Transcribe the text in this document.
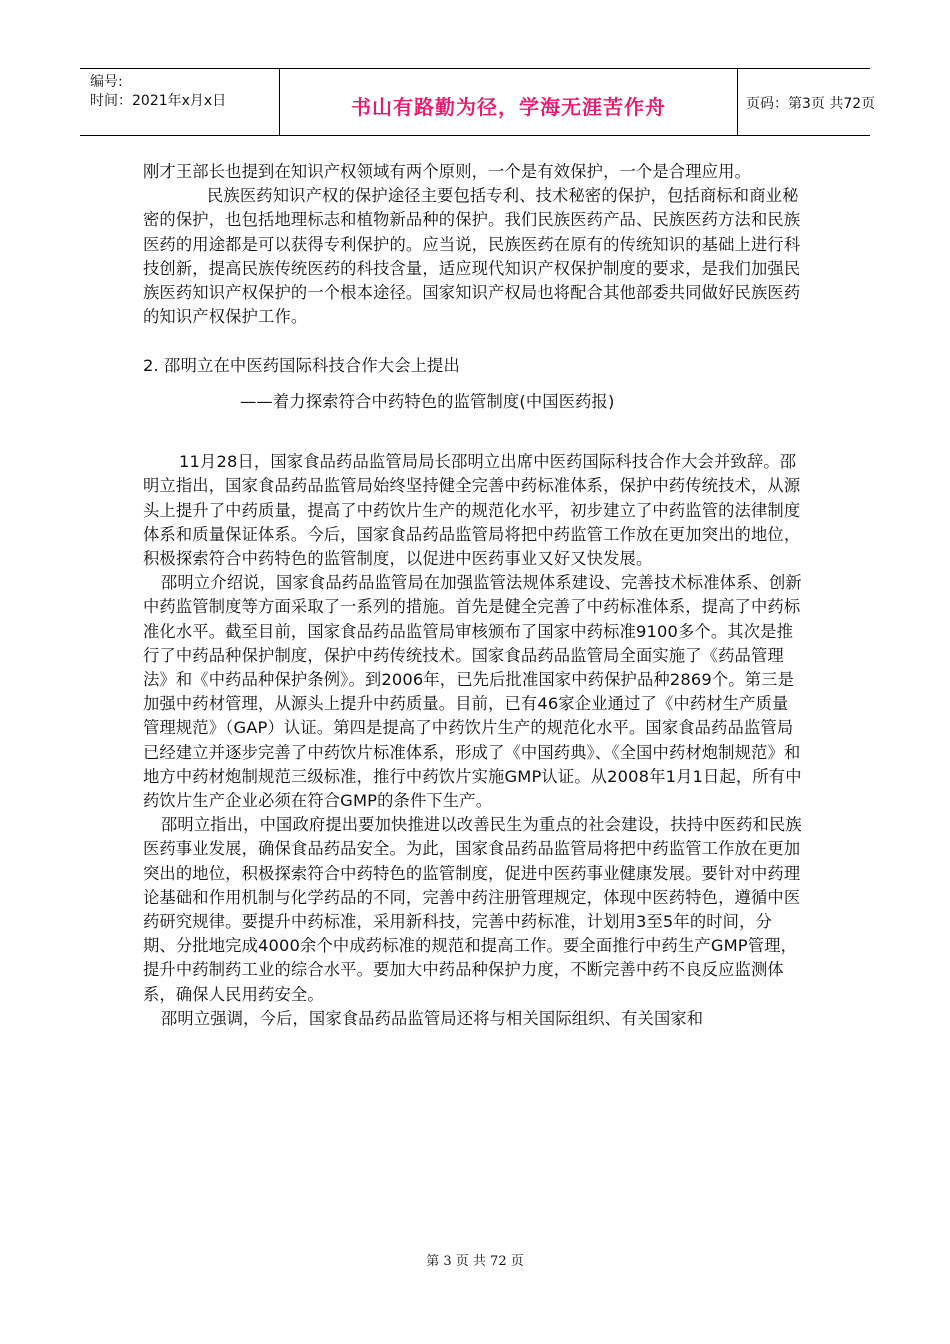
编号:
时间：2021年x月x日	书山有路勤为径，学海无涯苦作舟	页码：第3页 共72页

刚才王部长也提到在知识产权领域有两个原则，一个是有效保护，一个是合理应用。

民族医药知识产权的保护途径主要包括专利、技术秘密的保护，包括商标和商业秘密的保护，也包括地理标志和植物新品种的保护。我们民族医药产品、民族医药方法和民族医药的用途都是可以获得专利保护的。应当说，民族医药在原有的传统知识的基础上进行科技创新，提高民族传统医药的科技含量，适应现代知识产权保护制度的要求，是我们加强民族医药知识产权保护的一个根本途径。国家知识产权局也将配合其他部委共同做好民族医药的知识产权保护工作。

2. 邵明立在中医药国际科技合作大会上提出

——着力探索符合中药特色的监管制度(中国医药报)

11月28日，国家食品药品监管局局长邵明立出席中医药国际科技合作大会并致辞。邵明立指出，国家食品药品监管局始终坚持健全完善中药标准体系，保护中药传统技术，从源头上提升了中药质量，提高了中药饮片生产的规范化水平，初步建立了中药监管的法律制度体系和质量保证体系。今后，国家食品药品监管局将把中药监管工作放在更加突出的地位，积极探索符合中药特色的监管制度，以促进中医药事业又好又快发展。

邵明立介绍说，国家食品药品监管局在加强监管法规体系建设、完善技术标准体系、创新中药监管制度等方面采取了一系列的措施。首先是健全完善了中药标准体系，提高了中药标准化水平。截至目前，国家食品药品监管局审核颁布了国家中药标准9100多个。其次是推行了中药品种保护制度，保护中药传统技术。国家食品药品监管局全面实施了《药品管理法》和《中药品种保护条例》。到2006年，已先后批准国家中药保护品种2869个。第三是加强中药材管理，从源头上提升中药质量。目前，已有46家企业通过了《中药材生产质量管理规范》（GAP）认证。第四是提高了中药饮片生产的规范化水平。国家食品药品监管局已经建立并逐步完善了中药饮片标准体系，形成了《中国药典》、《全国中药材炮制规范》和地方中药材炮制规范三级标准，推行中药饮片实施GMP认证。从2008年1月1日起，所有中药饮片生产企业必须在符合GMP的条件下生产。

邵明立指出，中国政府提出要加快推进以改善民生为重点的社会建设，扶持中医药和民族医药事业发展，确保食品药品安全。为此，国家食品药品监管局将把中药监管工作放在更加突出的地位，积极探索符合中药特色的监管制度，促进中医药事业健康发展。要针对中药理论基础和作用机制与化学药品的不同，完善中药注册管理规定，体现中医药特色，遵循中医药研究规律。要提升中药标准，采用新科技，完善中药标准，计划用3至5年的时间，分期、分批地完成4000余个中成药标准的规范和提高工作。要全面推行中药生产GMP管理，提升中药制药工业的综合水平。要加大中药品种保护力度，不断完善中药不良反应监测体系，确保人民用药安全。

邵明立强调，今后，国家食品药品监管局还将与相关国际组织、有关国家和

第 3 页 共 72 页
